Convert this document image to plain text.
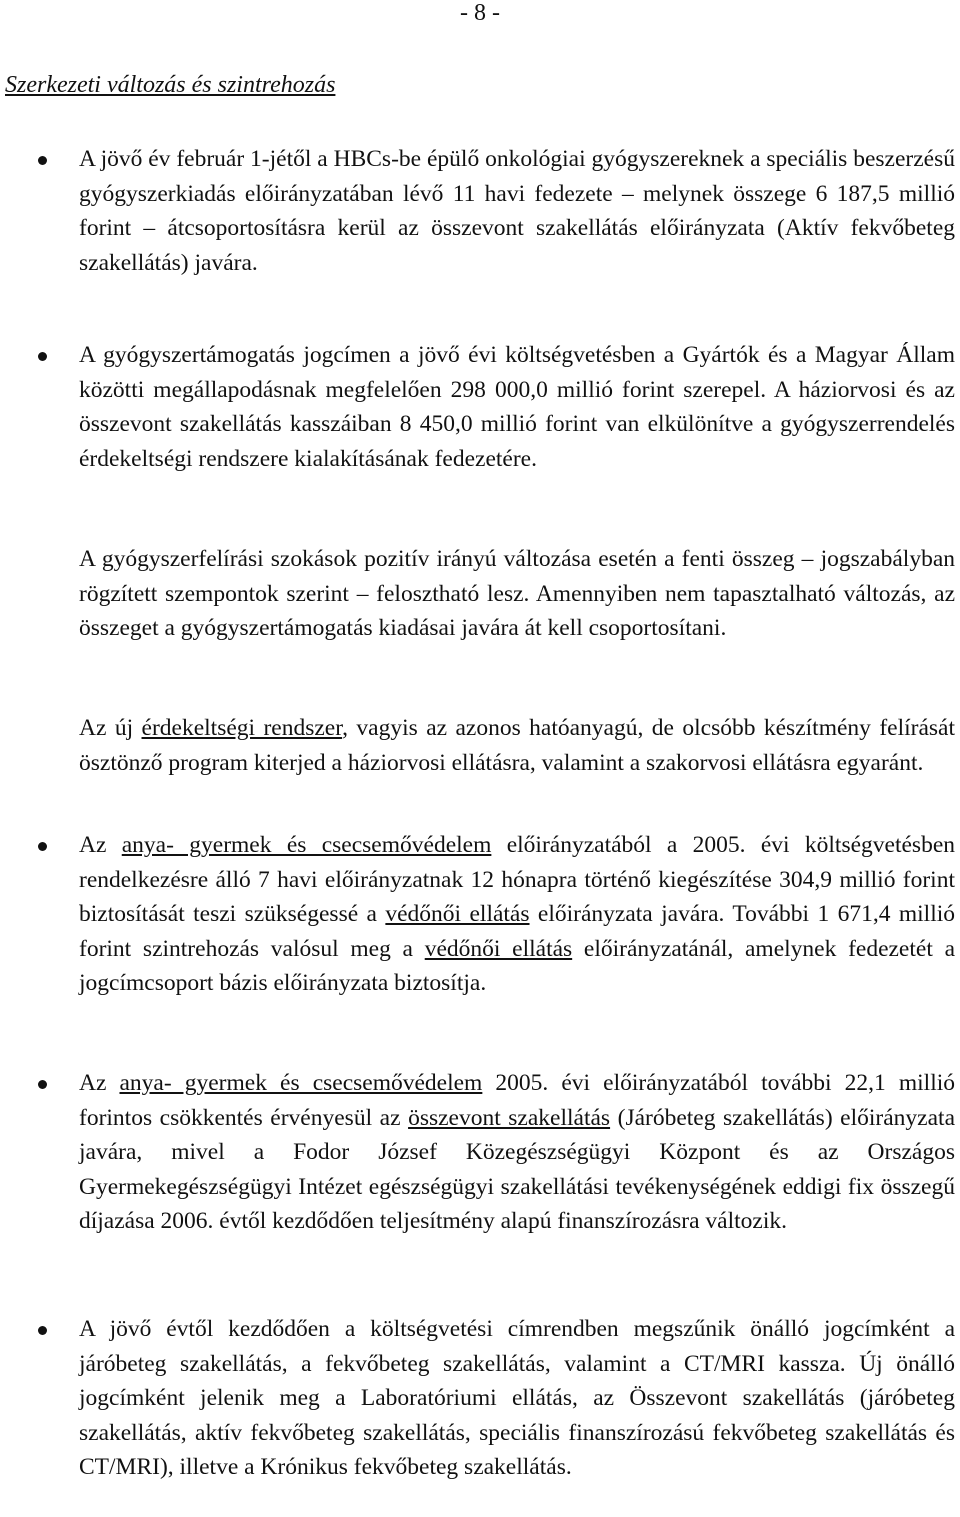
- 8 -
Szerkezeti változás és szintrehozás
A jövő év február 1-jétől a HBCs-be épülő onkológiai gyógyszereknek a speciális beszerzésű gyógyszerkiadás előirányzatában lévő 11 havi fedezete – melynek összege 6 187,5 millió forint – átcsoportosításra kerül az összevont szakellátás előirányzata (Aktív fekvőbeteg szakellátás) javára.
A gyógyszertámogatás jogcímen a jövő évi költségvetésben a Gyártók és a Magyar Állam közötti megállapodásnak megfelelően 298 000,0 millió forint szerepel. A háziorvosi és az összevont szakellátás kasszáiban 8 450,0 millió forint van elkülönítve a gyógyszerrendelés érdekeltségi rendszere kialakításának fedezetére.
A gyógyszerfelírási szokások pozitív irányú változása esetén a fenti összeg – jogszabályban rögzített szempontok szerint – felosztható lesz. Amennyiben nem tapasztalható változás, az összeget a gyógyszertámogatás kiadásai javára át kell csoportosítani.
Az új érdekeltségi rendszer, vagyis az azonos hatóanyagú, de olcsóbb készítmény felírását ösztönző program kiterjed a háziorvosi ellátásra, valamint a szakorvosi ellátásra egyaránt.
Az anya- gyermek és csecsemővédelem előirányzatából a 2005. évi költségvetésben rendelkezésre álló 7 havi előirányzatnak 12 hónapra történő kiegészítése 304,9 millió forint biztosítását teszi szükségessé a védőnői ellátás előirányzata javára. További 1 671,4 millió forint szintrehozás valósul meg a védőnői ellátás előirányzatánál, amelynek fedezetét a jogcímcsoport bázis előirányzata biztosítja.
Az anya- gyermek és csecsemővédelem 2005. évi előirányzatából további 22,1 millió forintos csökkentés érvényesül az összevont szakellátás (Járóbeteg szakellátás) előirányzata javára, mivel a Fodor József Közegészségügyi Központ és az Országos Gyermekegészségügyi Intézet egészségügyi szakellátási tevékenységének eddigi fix összegű díjazása 2006. évtől kezdődően teljesítmény alapú finanszírozásra változik.
A jövő évtől kezdődően a költségvetési címrendben megszűnik önálló jogcímként a járóbeteg szakellátás, a fekvőbeteg szakellátás, valamint a CT/MRI kassza. Új önálló jogcímként jelenik meg a Laboratóriumi ellátás, az Összevont szakellátás (járóbeteg szakellátás, aktív fekvőbeteg szakellátás, speciális finanszírozású fekvőbeteg szakellátás és CT/MRI), illetve a Krónikus fekvőbeteg szakellátás.
